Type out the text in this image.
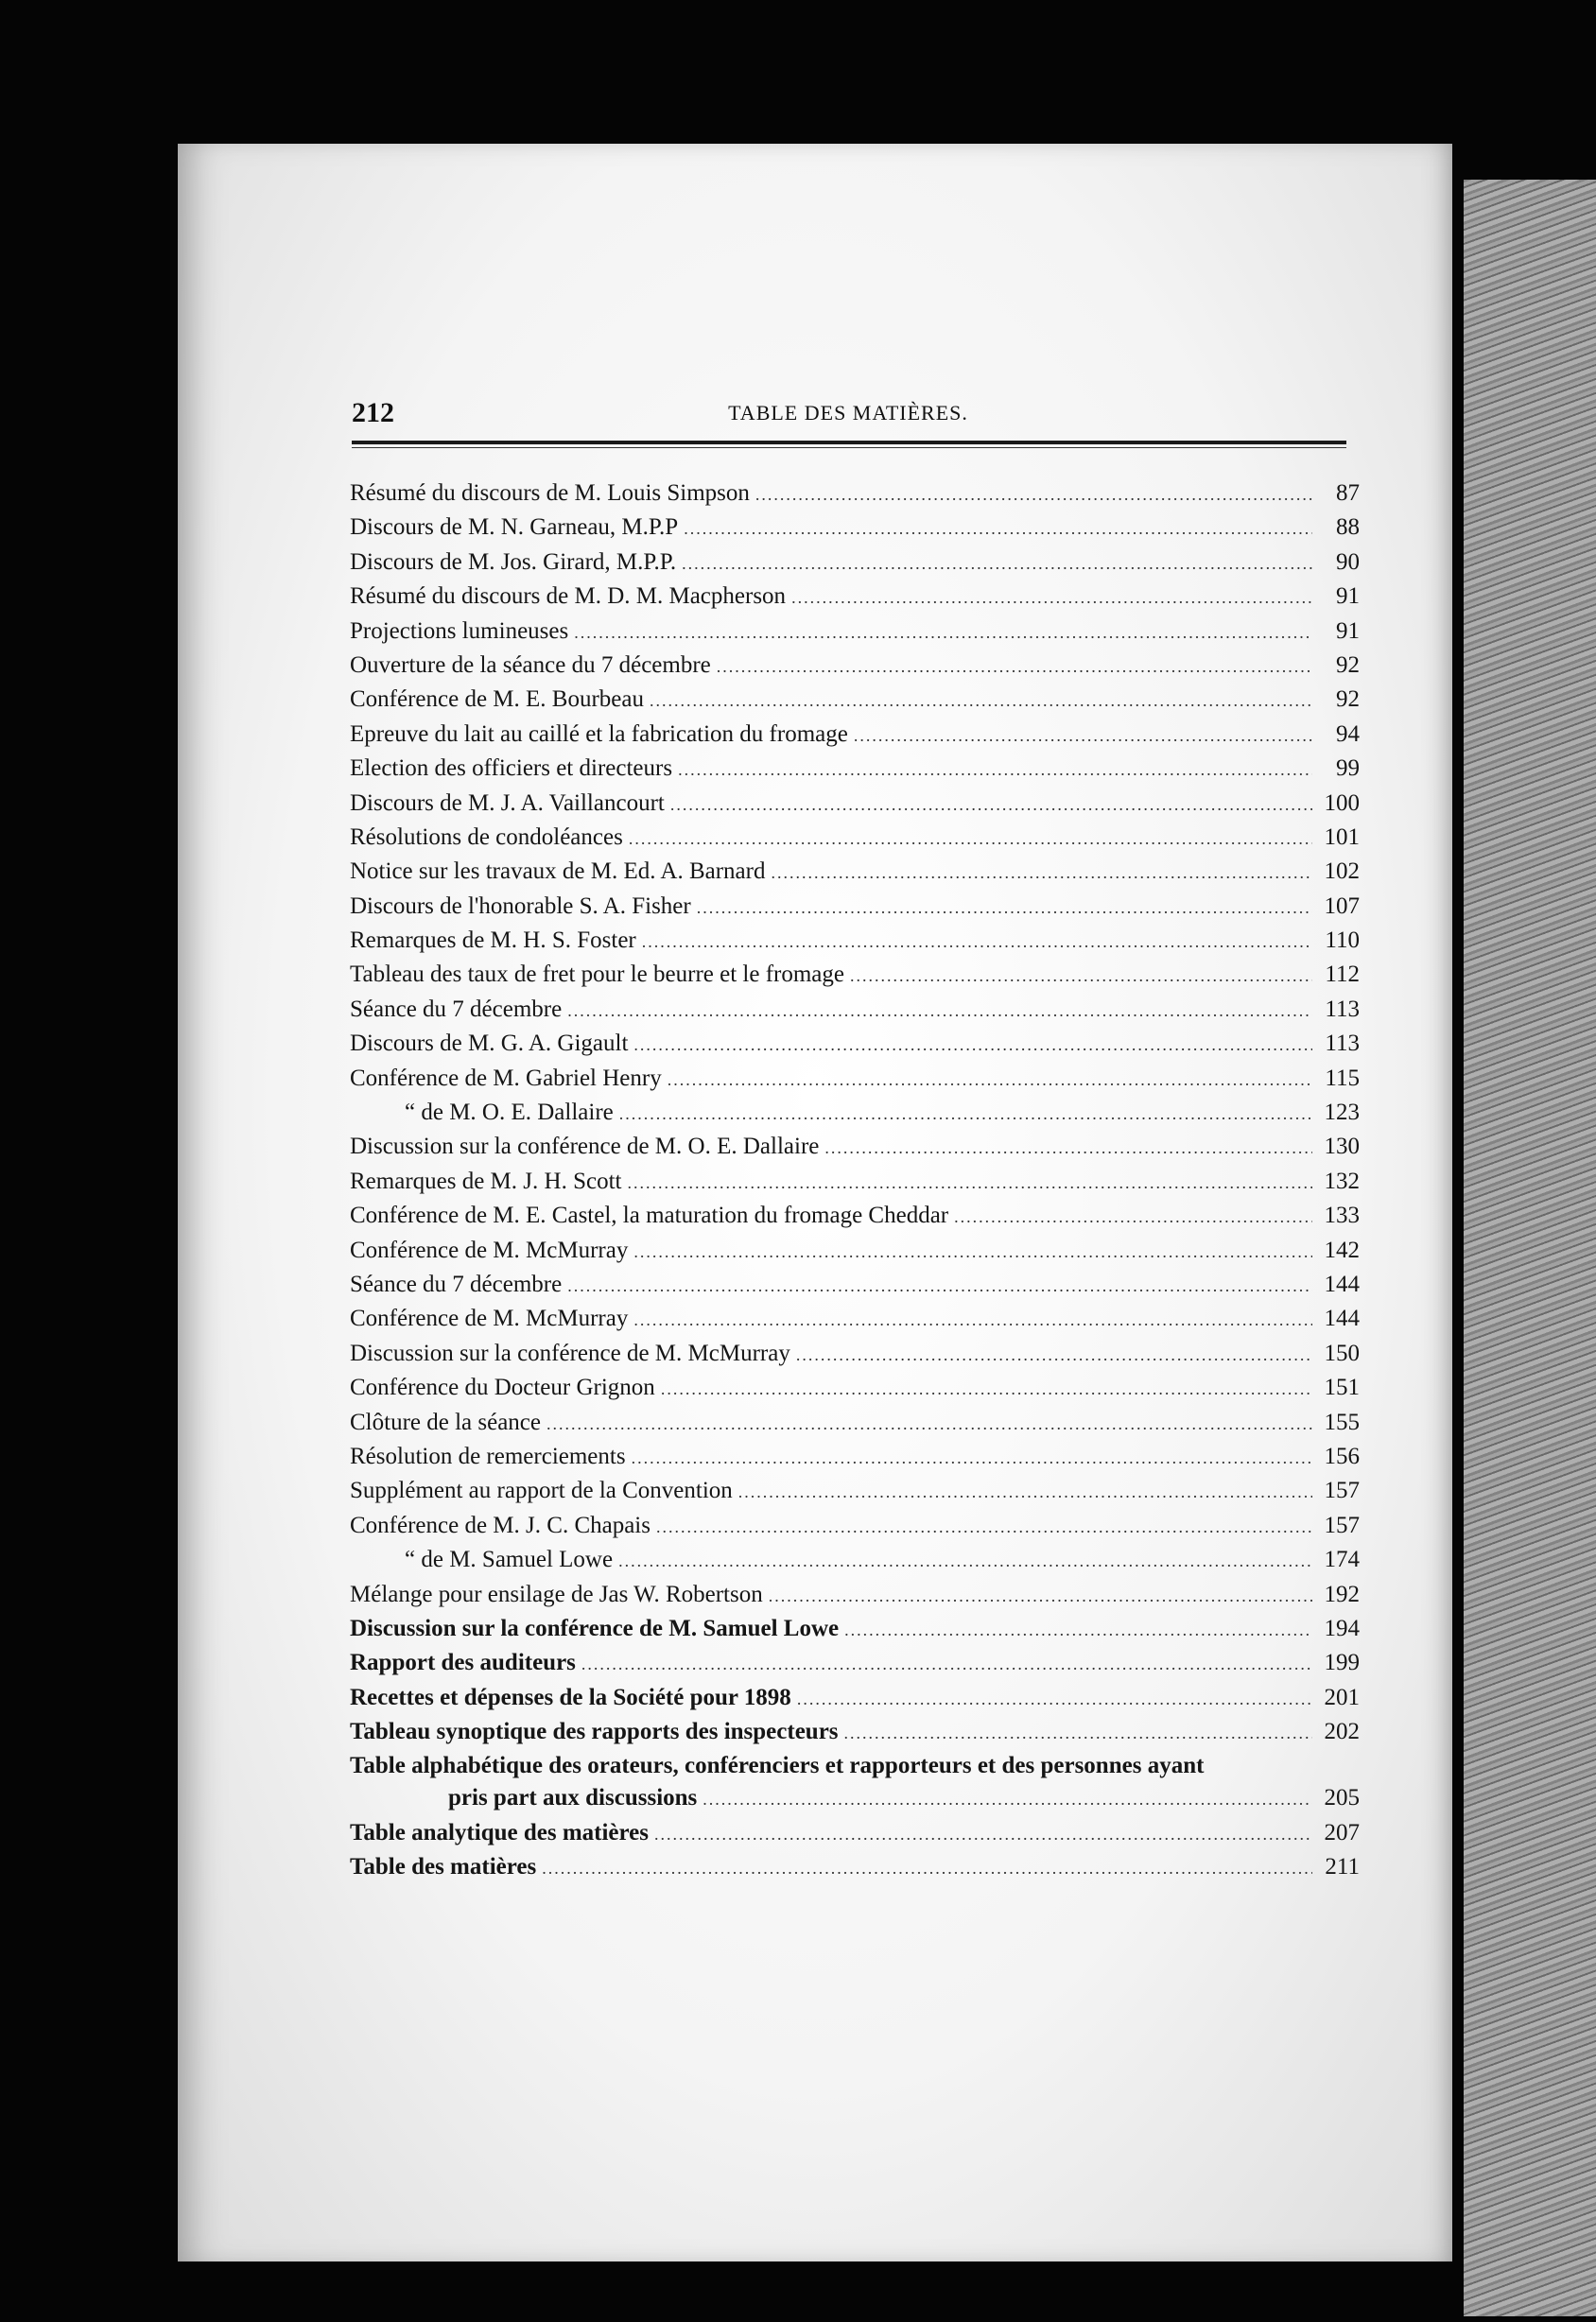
212	TABLE DES MATIÈRES.
Résumé du discours de M. Louis Simpson .....	87
Discours de M. N. Garneau, M.P.P .....	88
Discours de M. Jos. Girard, M.P.P. .....	90
Résumé du discours de M. D. M. Macpherson .....	91
Projections lumineuses .....	91
Ouverture de la séance du 7 décembre .....	92
Conférence de M. E. Bourbeau .....	92
Epreuve du lait au caillé et la fabrication du fromage .....	94
Election des officiers et directeurs .....	99
Discours de M. J. A. Vaillancourt .....	100
Résolutions de condoléances .....	101
Notice sur les travaux de M. Ed. A. Barnard .....	102
Discours de l'honorable S. A. Fisher .....	107
Remarques de M. H. S. Foster .....	110
Tableau des taux de fret pour le beurre et le fromage .....	112
Séance du 7 décembre .....	113
Discours de M. G. A. Gigault .....	113
Conférence de M. Gabriel Henry .....	115
“ de M. O. E. Dallaire .....	123
Discussion sur la conférence de M. O. E. Dallaire .....	130
Remarques de M. J. H. Scott .....	132
Conférence de M. E. Castel, la maturation du fromage Cheddar .....	133
Conférence de M. McMurray .....	142
Séance du 7 décembre .....	144
Conférence de M. McMurray .....	144
Discussion sur la conférence de M. McMurray .....	150
Conférence du Docteur Grignon .....	151
Clôture de la séance .....	155
Résolution de remerciements .....	156
Supplément au rapport de la Convention .....	157
Conférence de M. J. C. Chapais .....	157
“ de M. Samuel Lowe .....	174
Mélange pour ensilage de Jas W. Robertson .....	192
Discussion sur la conférence de M. Samuel Lowe .....	194
Rapport des auditeurs .....	199
Recettes et dépenses de la Société pour 1898 .....	201
Tableau synoptique des rapports des inspecteurs .....	202
Table alphabétique des orateurs, conférenciers et rapporteurs et des personnes ayant
pris part aux discussions .....	205
Table analytique des matières .....	207
Table des matières .....	211
